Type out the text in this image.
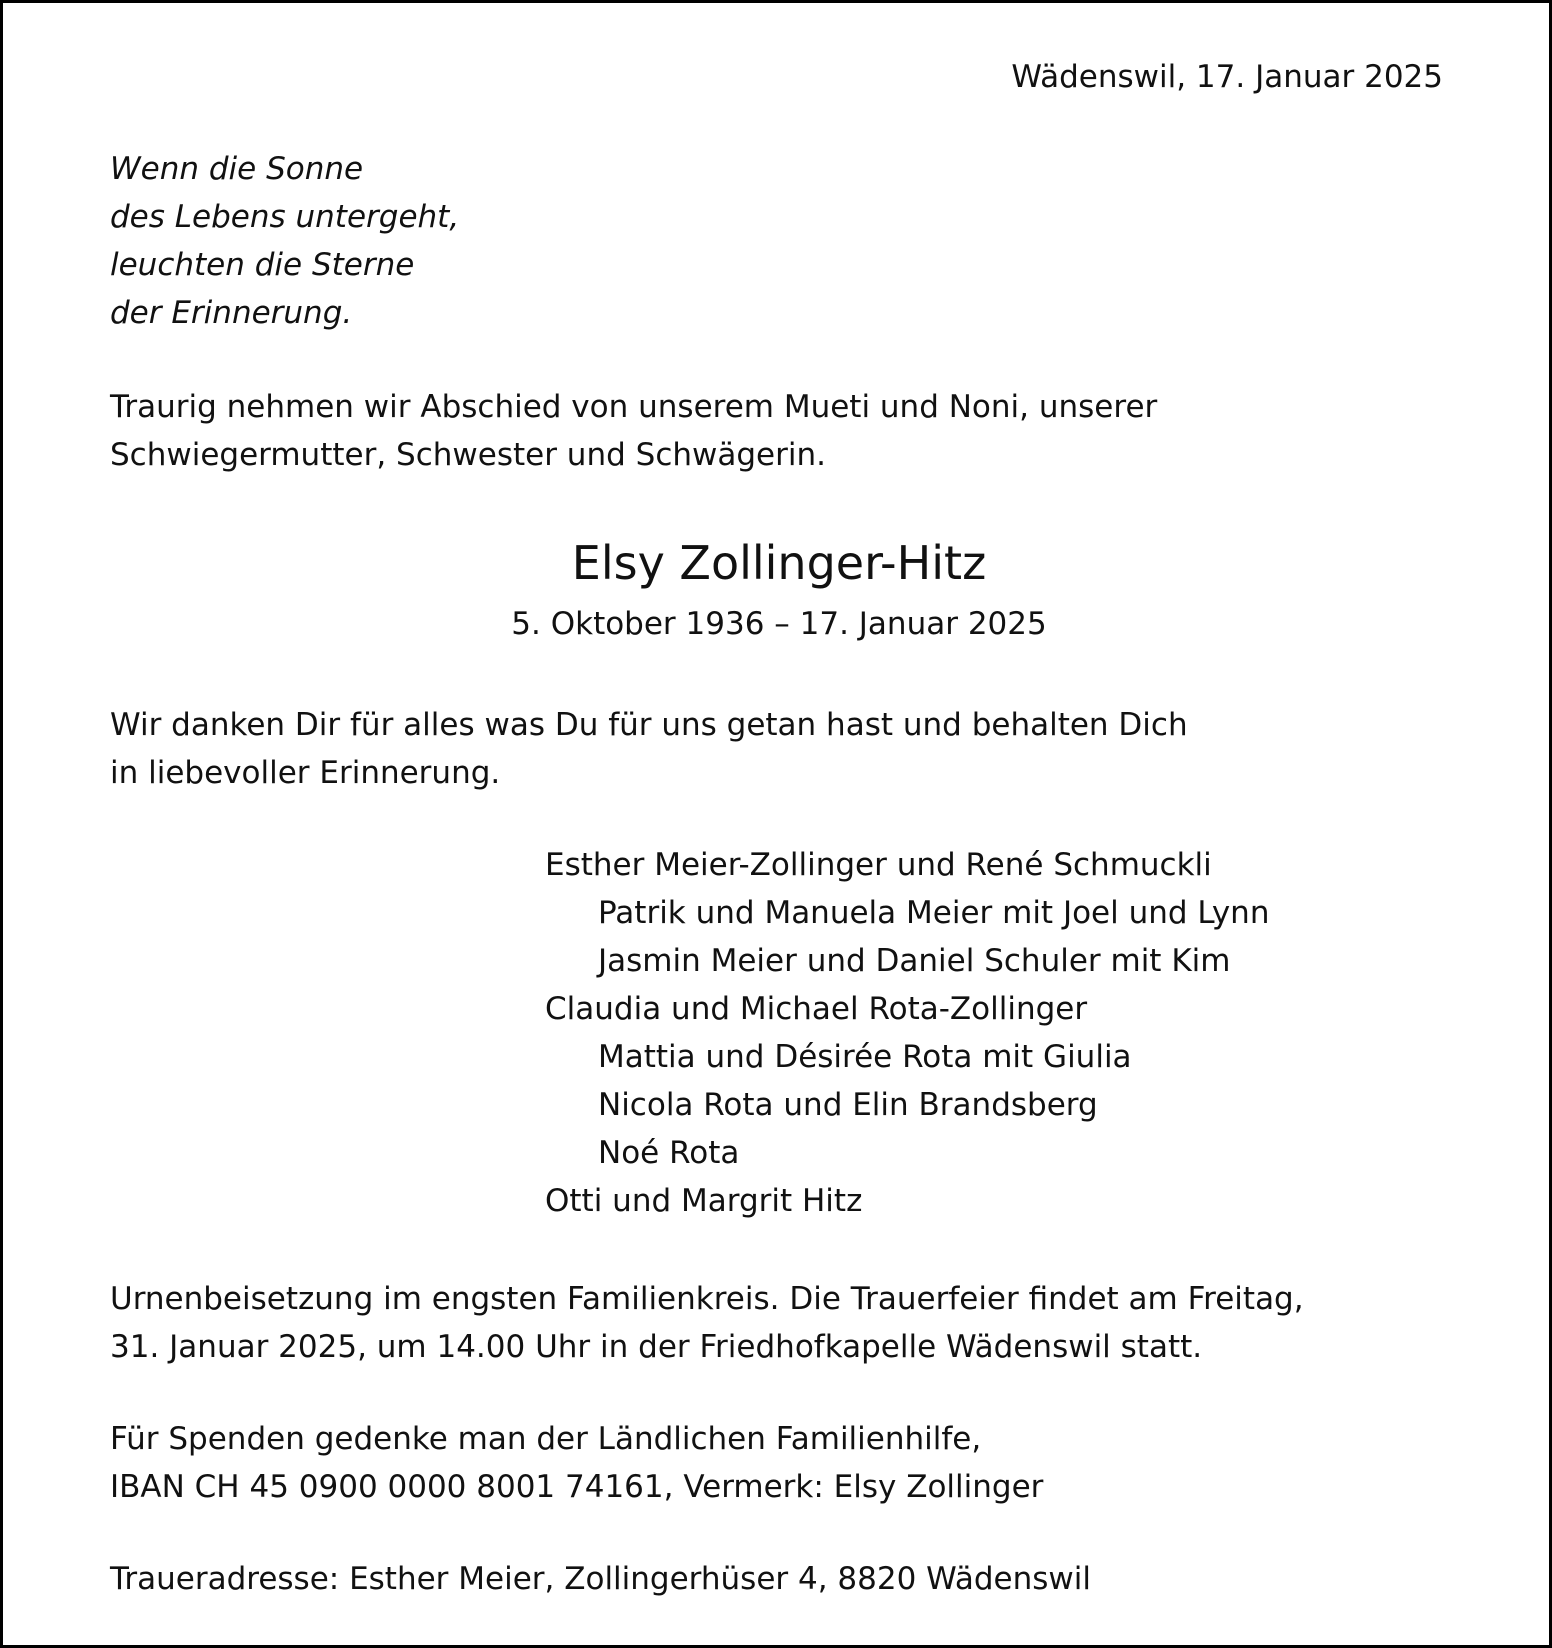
Wädenswil, 17. Januar 2025

Wenn die Sonne
des Lebens untergeht,
leuchten die Sterne
der Erinnerung.
Traurig nehmen wir Abschied von unserem Mueti und Noni, unserer
Schwiegermutter, Schwester und Schwägerin.
Elsy Zollinger-Hitz

5. Oktober 1936 – 17. Januar 2025

Wir danken Dir für alles was Du für uns getan hast und behalten Dich
in liebevoller Erinnerung.
Esther Meier-Zollinger und René Schmuckli
Patrik und Manuela Meier mit Joel und Lynn
Jasmin Meier und Daniel Schuler mit Kim
Claudia und Michael Rota-Zollinger
Mattia und Désirée Rota mit Giulia
Nicola Rota und Elin Brandsberg
Noé Rota
Otti und Margrit Hitz
Urnenbeisetzung im engsten Familienkreis. Die Trauerfeier findet am Freitag,
31. Januar 2025, um 14.00 Uhr in der Friedhofkapelle Wädenswil statt.
Für Spenden gedenke man der Ländlichen Familienhilfe,
IBAN CH 45 0900 0000 8001 74161, Vermerk: Elsy Zollinger

Traueradresse: Esther Meier, Zollingerhüser 4, 8820 Wädenswil
